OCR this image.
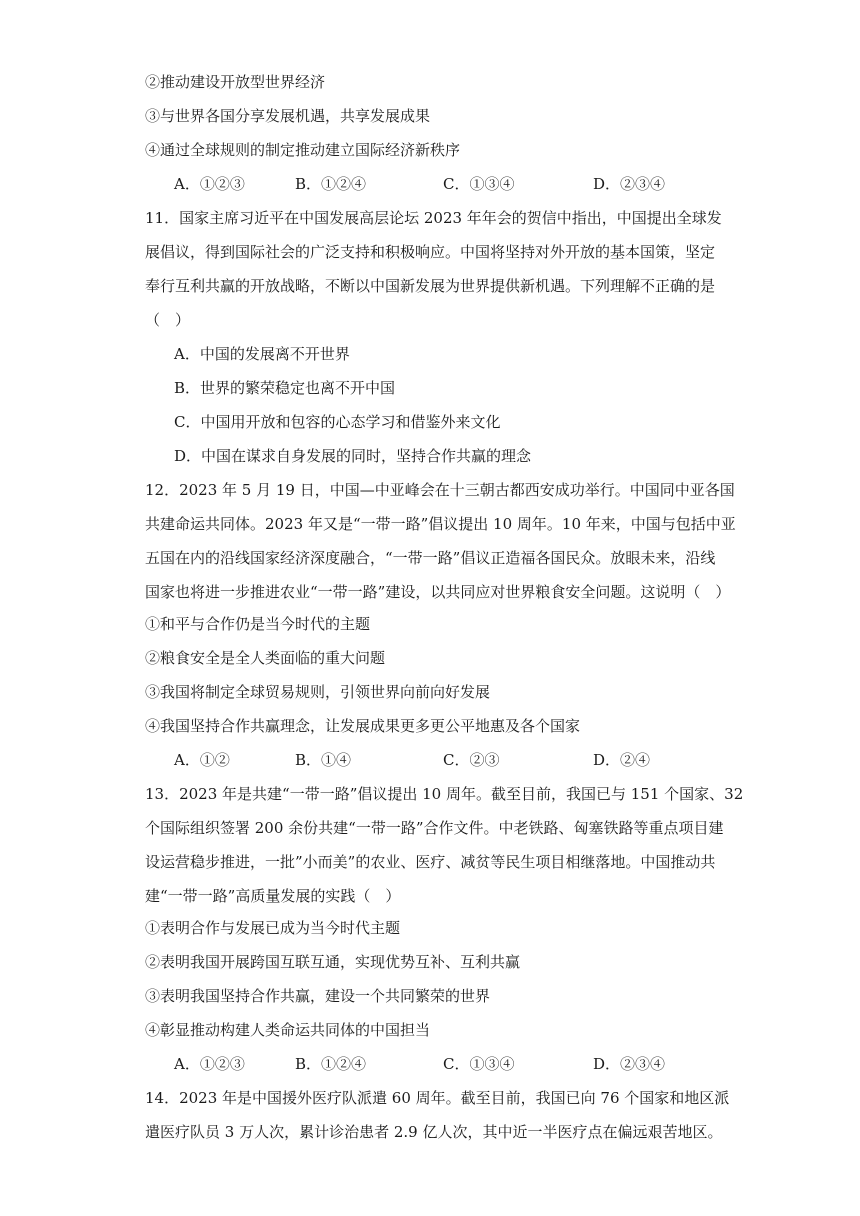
②推动建设开放型世界经济
③与世界各国分享发展机遇，共享发展成果
④通过全球规则的制定推动建立国际经济新秩序
A．①②③	B．①②④	C．①③④	D．②③④
11．国家主席习近平在中国发展高层论坛 2023 年年会的贺信中指出，中国提出全球发
展倡议，得到国际社会的广泛支持和积极响应。中国将坚持对外开放的基本国策，坚定
奉行互利共赢的开放战略，不断以中国新发展为世界提供新机遇。下列理解不正确的是
（　）
A．中国的发展离不开世界
B．世界的繁荣稳定也离不开中国
C．中国用开放和包容的心态学习和借鉴外来文化
D．中国在谋求自身发展的同时，坚持合作共赢的理念
12．2023 年 5 月 19 日，中国—中亚峰会在十三朝古都西安成功举行。中国同中亚各国
共建命运共同体。2023 年又是“一带一路”倡议提出 10 周年。10 年来，中国与包括中亚
五国在内的沿线国家经济深度融合，“一带一路”倡议正造福各国民众。放眼未来，沿线
国家也将进一步推进农业“一带一路”建设，以共同应对世界粮食安全问题。这说明（　）
①和平与合作仍是当今时代的主题
②粮食安全是全人类面临的重大问题
③我国将制定全球贸易规则，引领世界向前向好发展
④我国坚持合作共赢理念，让发展成果更多更公平地惠及各个国家
A．①②	B．①④	C．②③	D．②④
13．2023 年是共建“一带一路”倡议提出 10 周年。截至目前，我国已与 151 个国家、32
个国际组织签署 200 余份共建“一带一路”合作文件。中老铁路、匈塞铁路等重点项目建
设运营稳步推进，一批”小而美”的农业、医疗、减贫等民生项目相继落地。中国推动共
建“一带一路”高质量发展的实践（　）
①表明合作与发展已成为当今时代主题
②表明我国开展跨国互联互通，实现优势互补、互利共赢
③表明我国坚持合作共赢，建设一个共同繁荣的世界
④彰显推动构建人类命运共同体的中国担当
A．①②③	B．①②④	C．①③④	D．②③④
14．2023 年是中国援外医疗队派遣 60 周年。截至目前，我国已向 76 个国家和地区派
遣医疗队员 3 万人次，累计诊治患者 2.9 亿人次，其中近一半医疗点在偏远艰苦地区。
